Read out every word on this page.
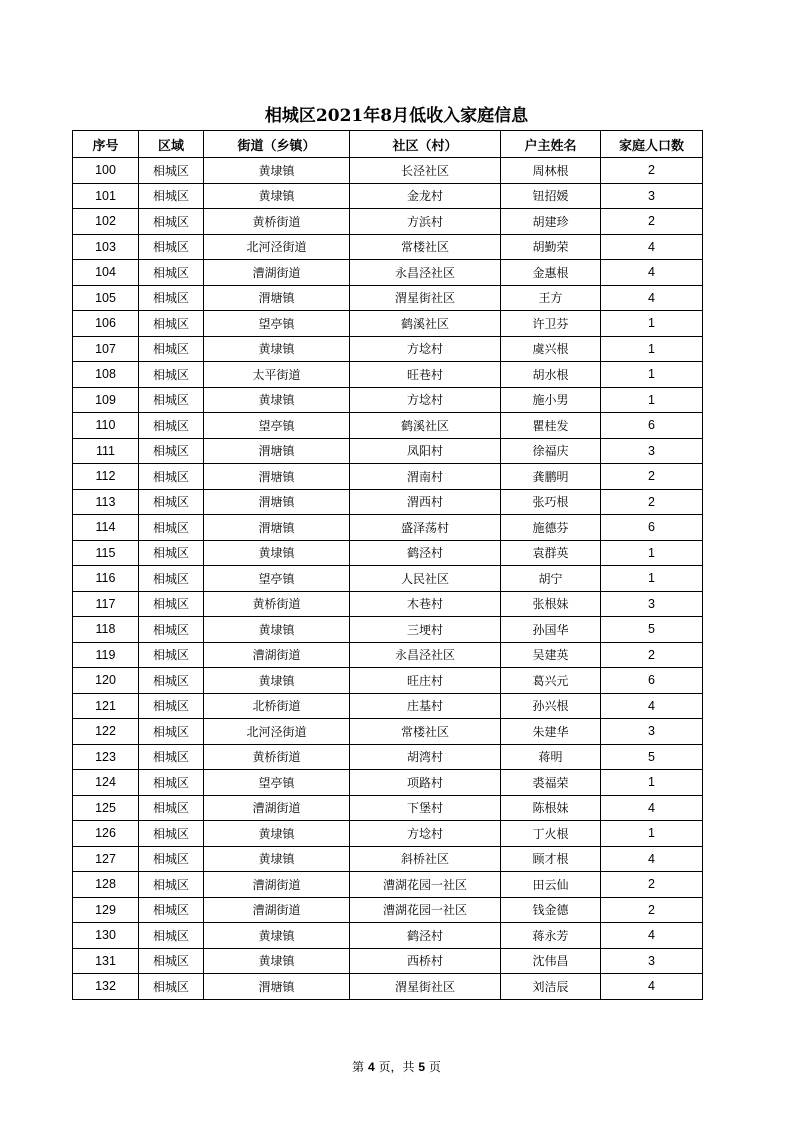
相城区2021年8月低收入家庭信息
序号	区域	街道（乡镇）	社区（村）	户主姓名	家庭人口数
100	相城区	黄埭镇	长泾社区	周林根	2
101	相城区	黄埭镇	金龙村	钮招媛	3
102	相城区	黄桥街道	方浜村	胡建珍	2
103	相城区	北河泾街道	常楼社区	胡勤荣	4
104	相城区	漕湖街道	永昌泾社区	金惠根	4
105	相城区	渭塘镇	渭星街社区	王方	4
106	相城区	望亭镇	鹤溪社区	许卫芬	1
107	相城区	黄埭镇	方埝村	虞兴根	1
108	相城区	太平街道	旺巷村	胡水根	1
109	相城区	黄埭镇	方埝村	施小男	1
110	相城区	望亭镇	鹤溪社区	瞿桂发	6
111	相城区	渭塘镇	凤阳村	徐福庆	3
112	相城区	渭塘镇	渭南村	龚鹏明	2
113	相城区	渭塘镇	渭西村	张巧根	2
114	相城区	渭塘镇	盛泽荡村	施德芬	6
115	相城区	黄埭镇	鹤泾村	袁群英	1
116	相城区	望亭镇	人民社区	胡宁	1
117	相城区	黄桥街道	木巷村	张根妹	3
118	相城区	黄埭镇	三埂村	孙国华	5
119	相城区	漕湖街道	永昌泾社区	吴建英	2
120	相城区	黄埭镇	旺庄村	葛兴元	6
121	相城区	北桥街道	庄基村	孙兴根	4
122	相城区	北河泾街道	常楼社区	朱建华	3
123	相城区	黄桥街道	胡湾村	蒋明	5
124	相城区	望亭镇	项路村	裘福荣	1
125	相城区	漕湖街道	下堡村	陈根妹	4
126	相城区	黄埭镇	方埝村	丁火根	1
127	相城区	黄埭镇	斜桥社区	顾才根	4
128	相城区	漕湖街道	漕湖花园一社区	田云仙	2
129	相城区	漕湖街道	漕湖花园一社区	钱金德	2
130	相城区	黄埭镇	鹤泾村	蒋永芳	4
131	相城区	黄埭镇	西桥村	沈伟昌	3
132	相城区	渭塘镇	渭星街社区	刘洁辰	4
第 4 页，共 5 页
